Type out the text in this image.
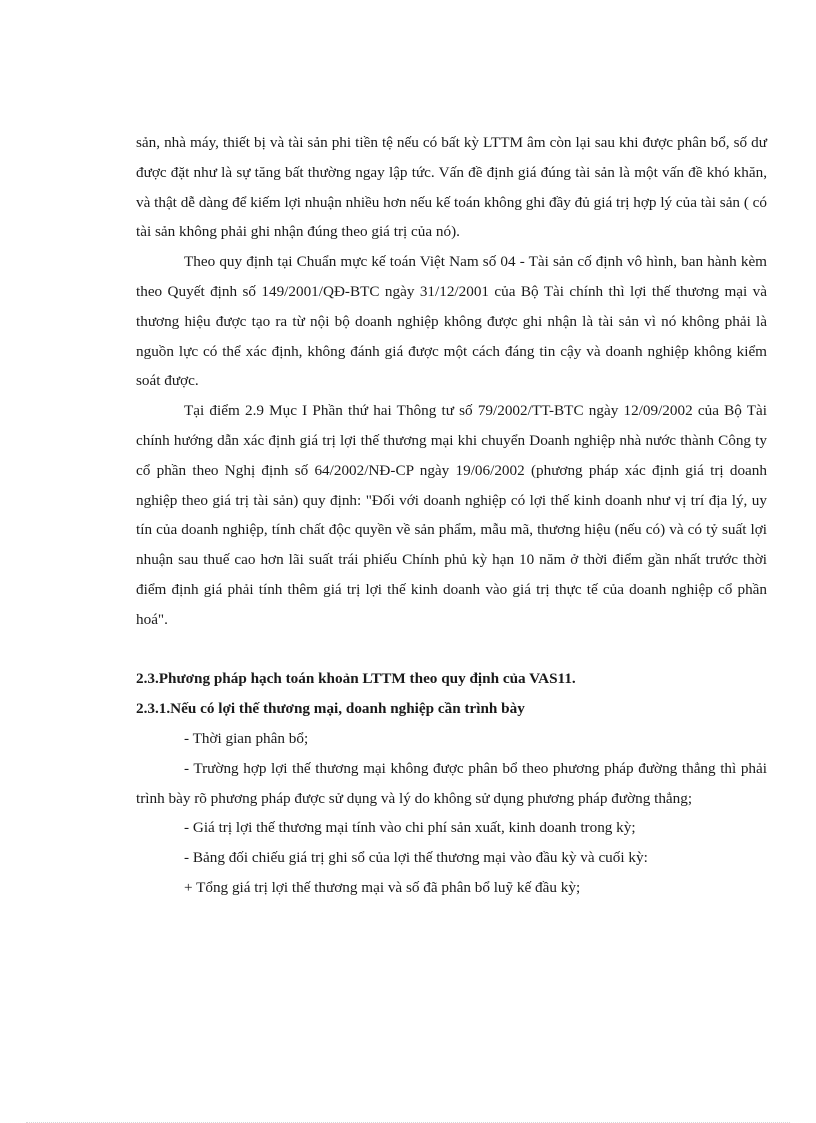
sản, nhà máy, thiết bị và tài sản phi tiền tệ nếu có bất kỳ LTTM âm còn lại sau khi được phân bổ, số dư được đặt như là sự tăng bất thường ngay lập tức. Vấn đề định giá đúng tài sản là một vấn đề khó khăn, và thật dễ dàng để kiếm lợi nhuận nhiều hơn nếu kế toán không ghi đầy đủ giá trị hợp lý của tài sản ( có tài sản không phải ghi nhận đúng theo giá trị của nó).

Theo quy định tại Chuẩn mực kế toán Việt Nam số 04 - Tài sản cố định vô hình, ban hành kèm theo Quyết định số 149/2001/QĐ-BTC ngày 31/12/2001 của Bộ Tài chính thì lợi thế thương mại và thương hiệu được tạo ra từ nội bộ doanh nghiệp không được ghi nhận là tài sản vì nó không phải là nguồn lực có thể xác định, không đánh giá được một cách đáng tin cậy và doanh nghiệp không kiểm soát được.

Tại điểm 2.9 Mục I Phần thứ hai Thông tư số 79/2002/TT-BTC ngày 12/09/2002 của Bộ Tài chính hướng dẫn xác định giá trị lợi thế thương mại khi chuyển Doanh nghiệp nhà nước thành Công ty cổ phần theo Nghị định số 64/2002/NĐ-CP ngày 19/06/2002 (phương pháp xác định giá trị doanh nghiệp theo giá trị tài sản) quy định: "Đối với doanh nghiệp có lợi thế kinh doanh như vị trí địa lý, uy tín của doanh nghiệp, tính chất độc quyền về sản phẩm, mẫu mã, thương hiệu (nếu có) và có tỷ suất lợi nhuận sau thuế cao hơn lãi suất trái phiếu Chính phủ kỳ hạn 10 năm ở thời điểm gần nhất trước thời điểm định giá phải tính thêm giá trị lợi thế kinh doanh vào giá trị thực tế của doanh nghiệp cổ phần hoá".

2.3.Phương pháp hạch toán khoản LTTM theo quy định của VAS11.

2.3.1.Nếu có lợi thế thương mại, doanh nghiệp cần trình bày

- Thời gian phân bổ;

- Trường hợp lợi thế thương mại không được phân bổ theo phương pháp đường thẳng thì phải trình bày rõ phương pháp được sử dụng và lý do không sử dụng phương pháp đường thẳng;

- Giá trị lợi thế thương mại tính vào chi phí sản xuất, kinh doanh trong kỳ;

- Bảng đối chiếu giá trị ghi sổ của lợi thế thương mại vào đầu kỳ và cuối kỳ:

+ Tổng giá trị lợi thế thương mại và số đã phân bổ luỹ kế đầu kỳ;
